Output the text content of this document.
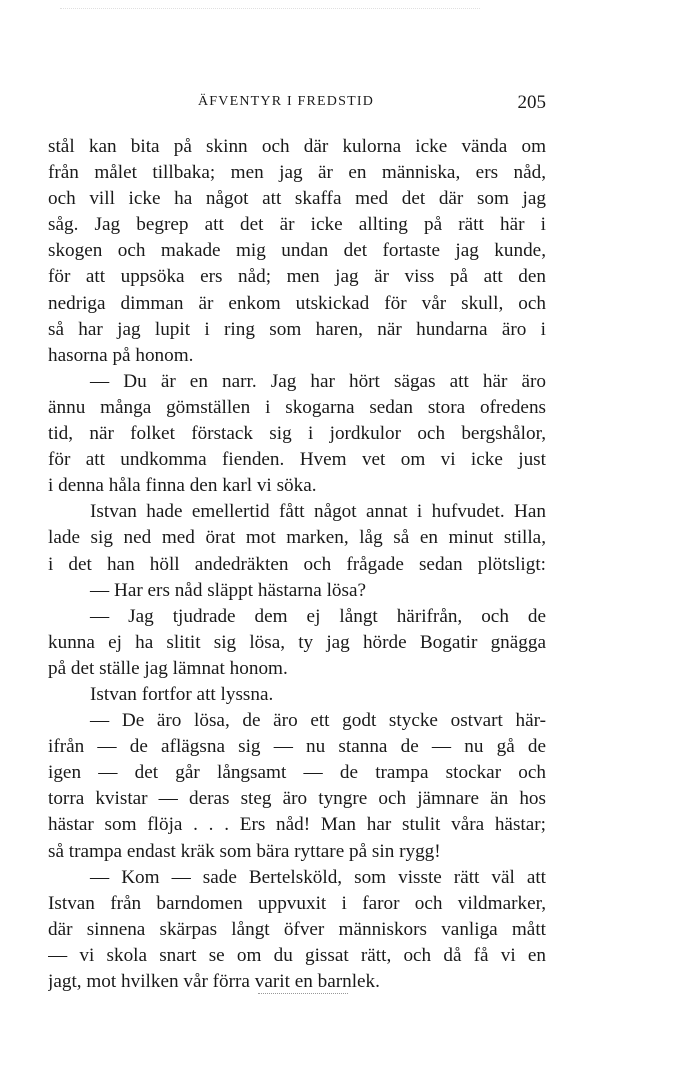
ÄFVENTYR I FREDSTID	205
stål kan bita på skinn och där kulorna icke vända om
från målet tillbaka; men jag är en människa, ers nåd,
och vill icke ha något att skaffa med det där som jag
såg. Jag begrep att det är icke allting på rätt här i
skogen och makade mig undan det fortaste jag kunde,
för att uppsöka ers nåd; men jag är viss på att den
nedriga dimman är enkom utskickad för vår skull, och
så har jag lupit i ring som haren, när hundarna äro i
hasorna på honom.
— Du är en narr. Jag har hört sägas att här äro
ännu många gömställen i skogarna sedan stora ofredens
tid, när folket förstack sig i jordkulor och bergshålor,
för att undkomma fienden. Hvem vet om vi icke just
i denna håla finna den karl vi söka.
Istvan hade emellertid fått något annat i hufvudet. Han
lade sig ned med örat mot marken, låg så en minut stilla,
i det han höll andedräkten och frågade sedan plötsligt:
— Har ers nåd släppt hästarna lösa?
— Jag tjudrade dem ej långt härifrån, och de
kunna ej ha slitit sig lösa, ty jag hörde Bogatir gnägga
på det ställe jag lämnat honom.
Istvan fortfor att lyssna.
— De äro lösa, de äro ett godt stycke ostvart här-
ifrån — de aflägsna sig — nu stanna de — nu gå de
igen — det går långsamt — de trampa stockar och
torra kvistar — deras steg äro tyngre och jämnare än hos
hästar som flöja . . . Ers nåd! Man har stulit våra hästar;
så trampa endast kräk som bära ryttare på sin rygg!
— Kom — sade Bertelsköld, som visste rätt väl att
Istvan från barndomen uppvuxit i faror och vildmarker,
där sinnena skärpas långt öfver människors vanliga mått
— vi skola snart se om du gissat rätt, och då få vi en
jagt, mot hvilken vår förra varit en barnlek.
